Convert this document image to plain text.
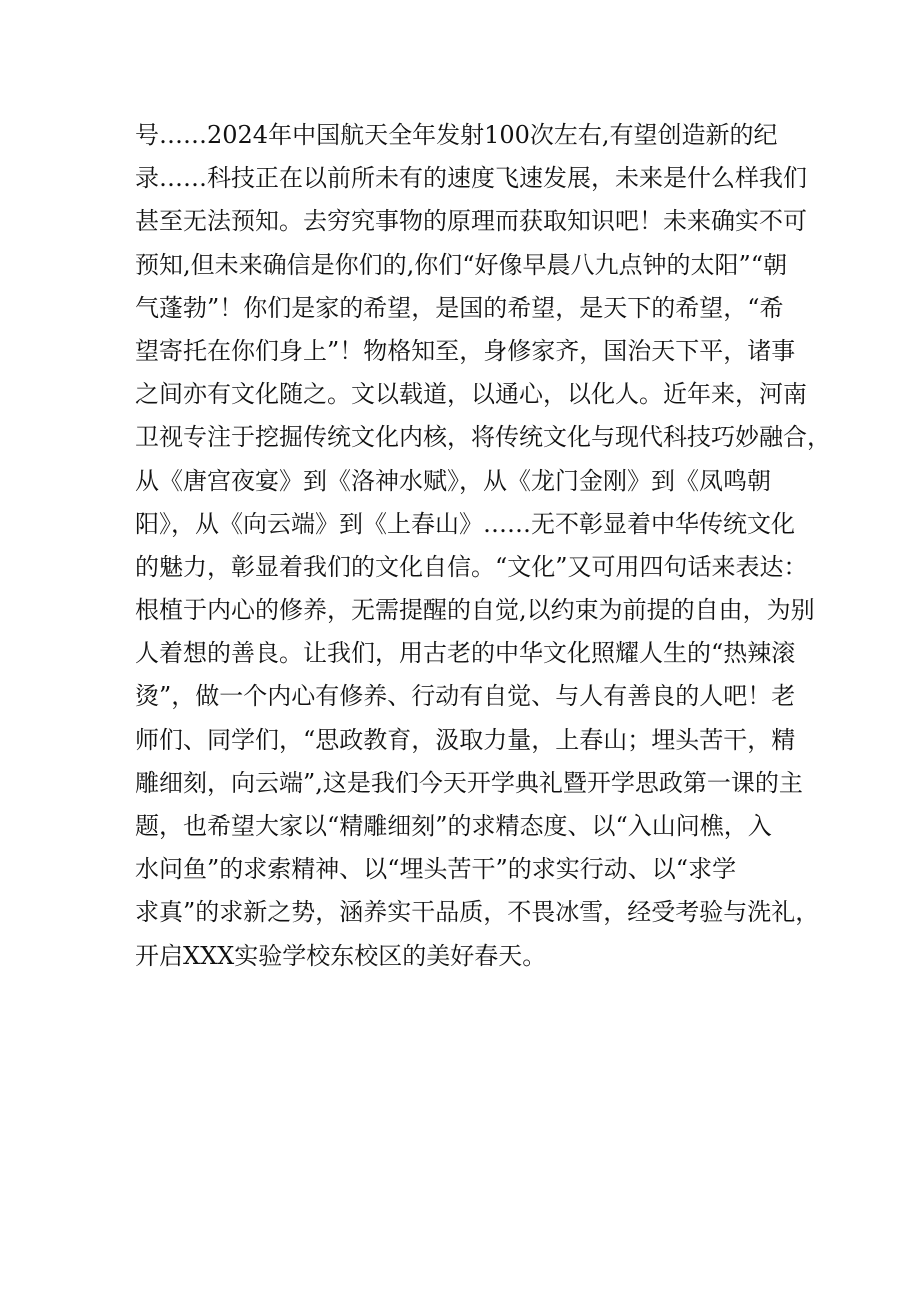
号……2024年中国航天全年发射100次左右,有望创造新的纪
录……科技正在以前所未有的速度飞速发展，未来是什么样我们
甚至无法预知。去穷究事物的原理而获取知识吧！未来确实不可
预知,但未来确信是你们的,你们“好像早晨八九点钟的太阳”“朝
气蓬勃”！你们是家的希望，是国的希望，是天下的希望，“希
望寄托在你们身上”！物格知至，身修家齐，国治天下平，诸事
之间亦有文化随之。文以载道，以通心，以化人。近年来，河南
卫视专注于挖掘传统文化内核，将传统文化与现代科技巧妙融合，
从《唐宫夜宴》到《洛神水赋》，从《龙门金刚》到《凤鸣朝
阳》，从《向云端》到《上春山》……无不彰显着中华传统文化
的魅力，彰显着我们的文化自信。“文化”又可用四句话来表达：
根植于内心的修养，无需提醒的自觉,以约束为前提的自由，为别
人着想的善良。让我们，用古老的中华文化照耀人生的“热辣滚
烫”，做一个内心有修养、行动有自觉、与人有善良的人吧！老
师们、同学们，“思政教育，汲取力量，上春山；埋头苦干，精
雕细刻，向云端”,这是我们今天开学典礼暨开学思政第一课的主
题，也希望大家以“精雕细刻”的求精态度、以“入山问樵，入
水问鱼”的求索精神、以“埋头苦干”的求实行动、以“求学
求真”的求新之势，涵养实干品质，不畏冰雪，经受考验与洗礼，
开启XXX实验学校东校区的美好春天。
